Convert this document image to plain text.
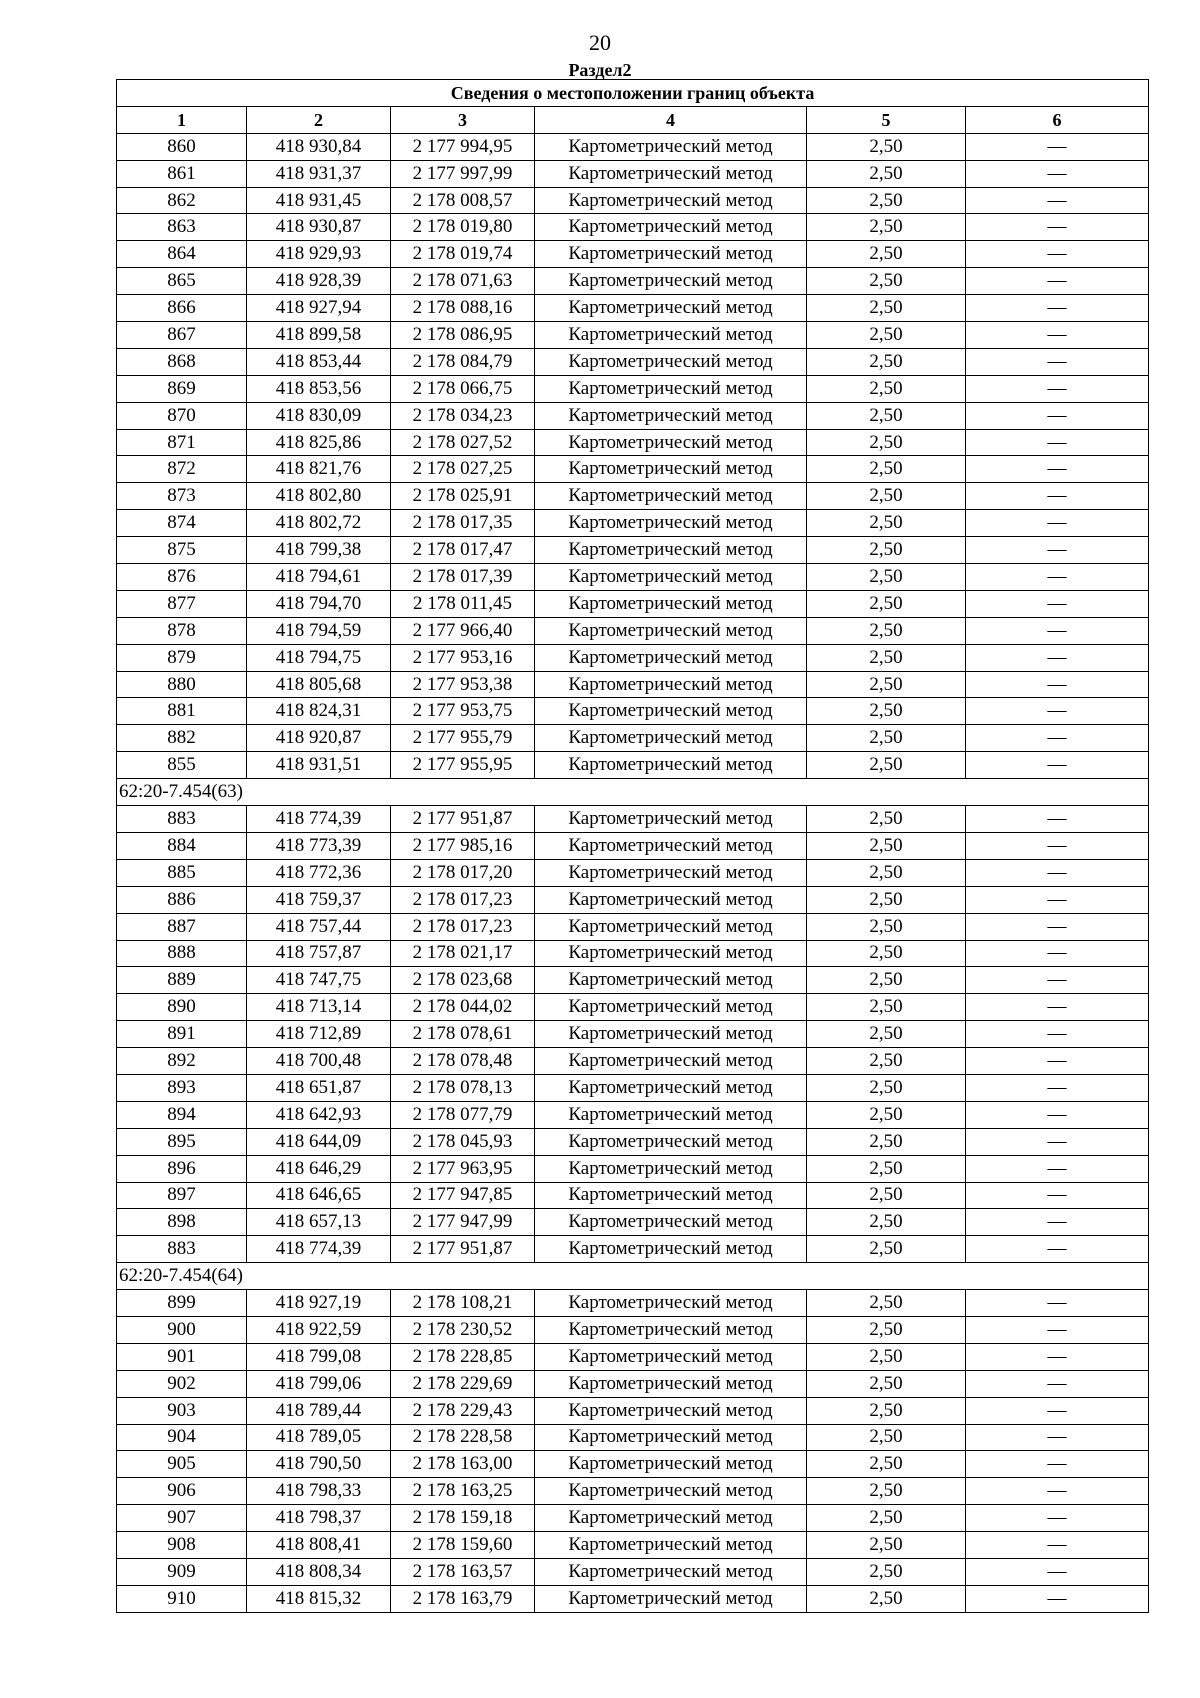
20
Раздел2
Сведения о местоположении границ объекта					
1	2	3	4	5	6
860	418 930,84	2 177 994,95	Картометрический метод	2,50	—
861	418 931,37	2 177 997,99	Картометрический метод	2,50	—
862	418 931,45	2 178 008,57	Картометрический метод	2,50	—
863	418 930,87	2 178 019,80	Картометрический метод	2,50	—
864	418 929,93	2 178 019,74	Картометрический метод	2,50	—
865	418 928,39	2 178 071,63	Картометрический метод	2,50	—
866	418 927,94	2 178 088,16	Картометрический метод	2,50	—
867	418 899,58	2 178 086,95	Картометрический метод	2,50	—
868	418 853,44	2 178 084,79	Картометрический метод	2,50	—
869	418 853,56	2 178 066,75	Картометрический метод	2,50	—
870	418 830,09	2 178 034,23	Картометрический метод	2,50	—
871	418 825,86	2 178 027,52	Картометрический метод	2,50	—
872	418 821,76	2 178 027,25	Картометрический метод	2,50	—
873	418 802,80	2 178 025,91	Картометрический метод	2,50	—
874	418 802,72	2 178 017,35	Картометрический метод	2,50	—
875	418 799,38	2 178 017,47	Картометрический метод	2,50	—
876	418 794,61	2 178 017,39	Картометрический метод	2,50	—
877	418 794,70	2 178 011,45	Картометрический метод	2,50	—
878	418 794,59	2 177 966,40	Картометрический метод	2,50	—
879	418 794,75	2 177 953,16	Картометрический метод	2,50	—
880	418 805,68	2 177 953,38	Картометрический метод	2,50	—
881	418 824,31	2 177 953,75	Картометрический метод	2,50	—
882	418 920,87	2 177 955,79	Картометрический метод	2,50	—
855	418 931,51	2 177 955,95	Картометрический метод	2,50	—
62:20-7.454(63)					
883	418 774,39	2 177 951,87	Картометрический метод	2,50	—
884	418 773,39	2 177 985,16	Картометрический метод	2,50	—
885	418 772,36	2 178 017,20	Картометрический метод	2,50	—
886	418 759,37	2 178 017,23	Картометрический метод	2,50	—
887	418 757,44	2 178 017,23	Картометрический метод	2,50	—
888	418 757,87	2 178 021,17	Картометрический метод	2,50	—
889	418 747,75	2 178 023,68	Картометрический метод	2,50	—
890	418 713,14	2 178 044,02	Картометрический метод	2,50	—
891	418 712,89	2 178 078,61	Картометрический метод	2,50	—
892	418 700,48	2 178 078,48	Картометрический метод	2,50	—
893	418 651,87	2 178 078,13	Картометрический метод	2,50	—
894	418 642,93	2 178 077,79	Картометрический метод	2,50	—
895	418 644,09	2 178 045,93	Картометрический метод	2,50	—
896	418 646,29	2 177 963,95	Картометрический метод	2,50	—
897	418 646,65	2 177 947,85	Картометрический метод	2,50	—
898	418 657,13	2 177 947,99	Картометрический метод	2,50	—
883	418 774,39	2 177 951,87	Картометрический метод	2,50	—
62:20-7.454(64)					
899	418 927,19	2 178 108,21	Картометрический метод	2,50	—
900	418 922,59	2 178 230,52	Картометрический метод	2,50	—
901	418 799,08	2 178 228,85	Картометрический метод	2,50	—
902	418 799,06	2 178 229,69	Картометрический метод	2,50	—
903	418 789,44	2 178 229,43	Картометрический метод	2,50	—
904	418 789,05	2 178 228,58	Картометрический метод	2,50	—
905	418 790,50	2 178 163,00	Картометрический метод	2,50	—
906	418 798,33	2 178 163,25	Картометрический метод	2,50	—
907	418 798,37	2 178 159,18	Картометрический метод	2,50	—
908	418 808,41	2 178 159,60	Картометрический метод	2,50	—
909	418 808,34	2 178 163,57	Картометрический метод	2,50	—
910	418 815,32	2 178 163,79	Картометрический метод	2,50	—
